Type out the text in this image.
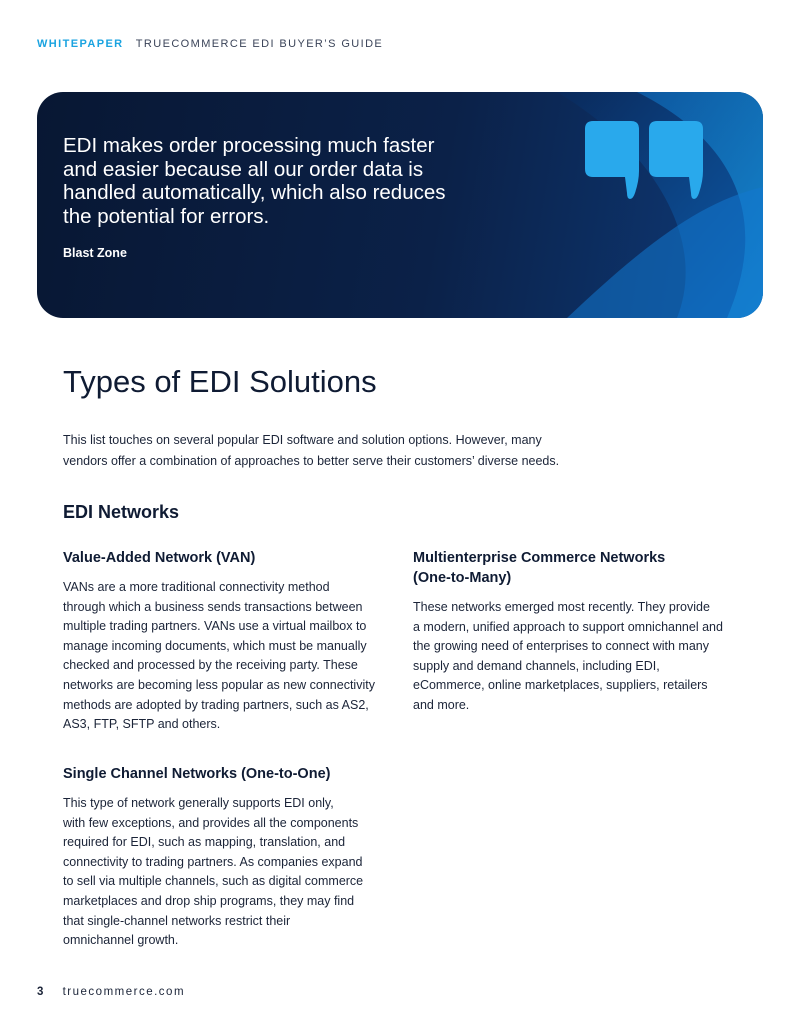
WHITEPAPER TRUECOMMERCE EDI BUYER’S GUIDE
EDI makes order processing much faster
and easier because all our order data is
handled automatically, which also reduces
the potential for errors.
Blast Zone
Types of EDI Solutions
This list touches on several popular EDI software and solution options. However, many
vendors offer a combination of approaches to better serve their customers’ diverse needs.
EDI Networks
Value-Added Network (VAN)
VANs are a more traditional connectivity method
through which a business sends transactions between
multiple trading partners. VANs use a virtual mailbox to
manage incoming documents, which must be manually
checked and processed by the receiving party. These
networks are becoming less popular as new connectivity
methods are adopted by trading partners, such as AS2,
AS3, FTP, SFTP and others.
Multienterprise Commerce Networks
(One-to-Many)
These networks emerged most recently. They provide
a modern, unified approach to support omnichannel and
the growing need of enterprises to connect with many
supply and demand channels, including EDI,
eCommerce, online marketplaces, suppliers, retailers
and more.
Single Channel Networks (One-to-One)
This type of network generally supports EDI only,
with few exceptions, and provides all the components
required for EDI, such as mapping, translation, and
connectivity to trading partners. As companies expand
to sell via multiple channels, such as digital commerce
marketplaces and drop ship programs, they may find
that single-channel networks restrict their
omnichannel growth.
3 truecommerce.com
